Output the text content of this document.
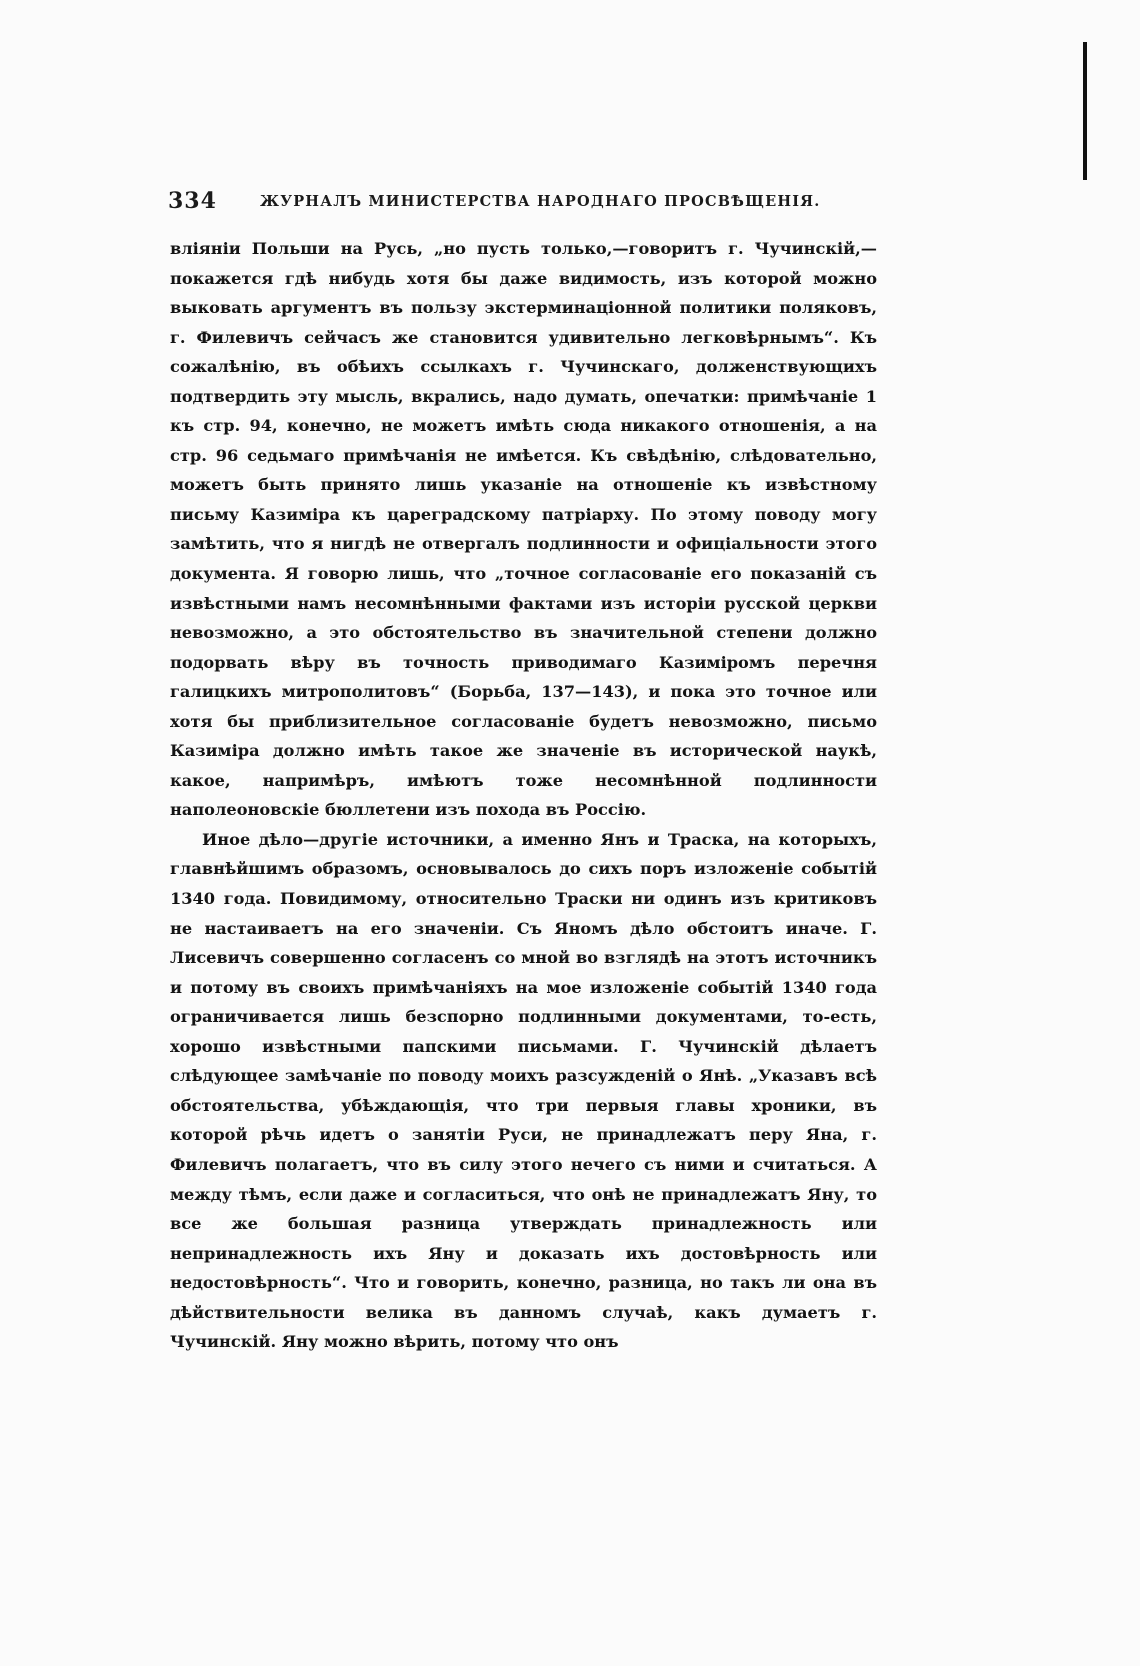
334	ЖУРНАЛЪ МИНИСТЕРСТВА НАРОДНАГО ПРОСВѢЩЕНІЯ.

вліяніи Польши на Русь, „но пусть только,—говоритъ г. Чучинскій,—покажется гдѣ нибудь хотя бы даже видимость, изъ которой можно выковать аргументъ въ пользу экстерминаціонной политики поляковъ, г. Филевичъ сейчасъ же становится удивительно легковѣрнымъ“. Къ сожалѣнію, въ обѣихъ ссылкахъ г. Чучинскаго, долженствующихъ подтвердить эту мысль, вкрались, надо думать, опечатки: примѣчаніе 1 къ стр. 94, конечно, не можетъ имѣть сюда никакого отношенія, а на стр. 96 седьмаго примѣчанія не имѣется. Къ свѣдѣнію, слѣдовательно, можетъ быть принято лишь указаніе на отношеніе къ извѣстному письму Казиміра къ цареградскому патріарху. По этому поводу могу замѣтить, что я нигдѣ не отвергалъ подлинности и офиціальности этого документа. Я говорю лишь, что „точное согласованіе его показаній съ извѣстными намъ несомнѣнными фактами изъ исторіи русской церкви невозможно, а это обстоятельство въ значительной степени должно подорвать вѣру въ точность приводимаго Казиміромъ перечня галицкихъ митрополитовъ“ (Борьба, 137—143), и пока это точное или хотя бы приблизительное согласованіе будетъ невозможно, письмо Казиміра должно имѣть такое же значеніе въ исторической наукѣ, какое, напримѣръ, имѣютъ тоже несомнѣнной подлинности наполеоновскіе бюллетени изъ похода въ Россію.

Иное дѣло—другіе источники, а именно Янъ и Траска, на которыхъ, главнѣйшимъ образомъ, основывалось до сихъ поръ изложеніе событій 1340 года. Повидимому, относительно Траски ни одинъ изъ критиковъ не настаиваетъ на его значеніи. Съ Яномъ дѣло обстоитъ иначе. Г. Лисевичъ совершенно согласенъ со мной во взглядѣ на этотъ источникъ и потому въ своихъ примѣчаніяхъ на мое изложеніе событій 1340 года ограничивается лишь безспорно подлинными документами, то-есть, хорошо извѣстными папскими письмами. Г. Чучинскій дѣлаетъ слѣдующее замѣчаніе по поводу моихъ разсужденій о Янѣ. „Указавъ всѣ обстоятельства, убѣждающія, что три первыя главы хроники, въ которой рѣчь идетъ о занятіи Руси, не принадлежатъ перу Яна, г. Филевичъ полагаетъ, что въ силу этого нечего съ ними и считаться. А между тѣмъ, если даже и согласиться, что онѣ не принадлежатъ Яну, то все же большая разница утверждать принадлежность или непринадлежность ихъ Яну и доказать ихъ достовѣрность или недостовѣрность“. Что и говорить, конечно, разница, но такъ ли она въ дѣйствительности велика въ данномъ случаѣ, какъ думаетъ г. Чучинскій. Яну можно вѣрить, потому что онъ
